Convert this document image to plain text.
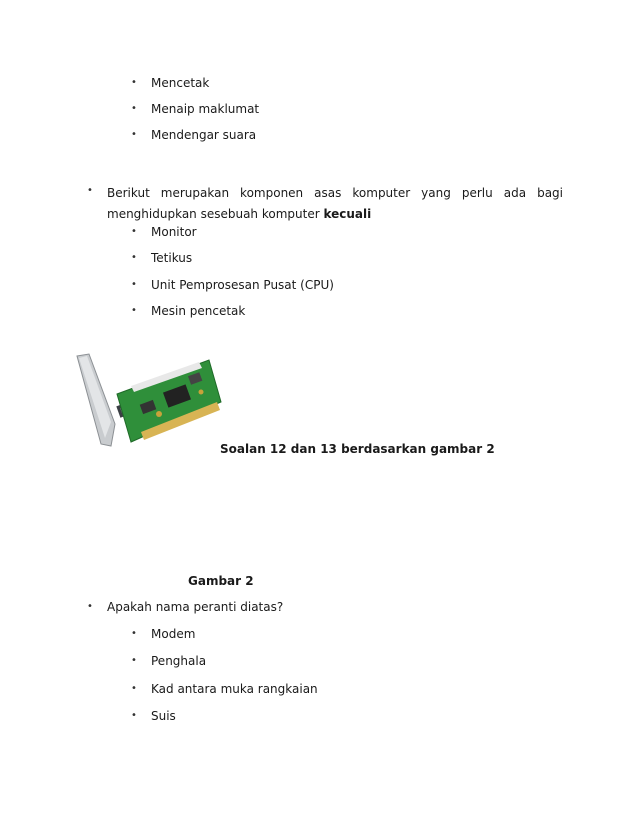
• Mencetak
• Menaip maklumat
• Mendengar suara
• Berikut merupakan komponen asas komputer yang perlu ada bagi menghidupkan sesebuah komputer kecuali
• Monitor
• Tetikus
• Unit Pemprosesan Pusat (CPU)
• Mesin pencetak
Soalan 12 dan 13 berdasarkan gambar 2
Gambar 2
• Apakah nama peranti diatas?
• Modem
• Penghala
• Kad antara muka rangkaian
• Suis
